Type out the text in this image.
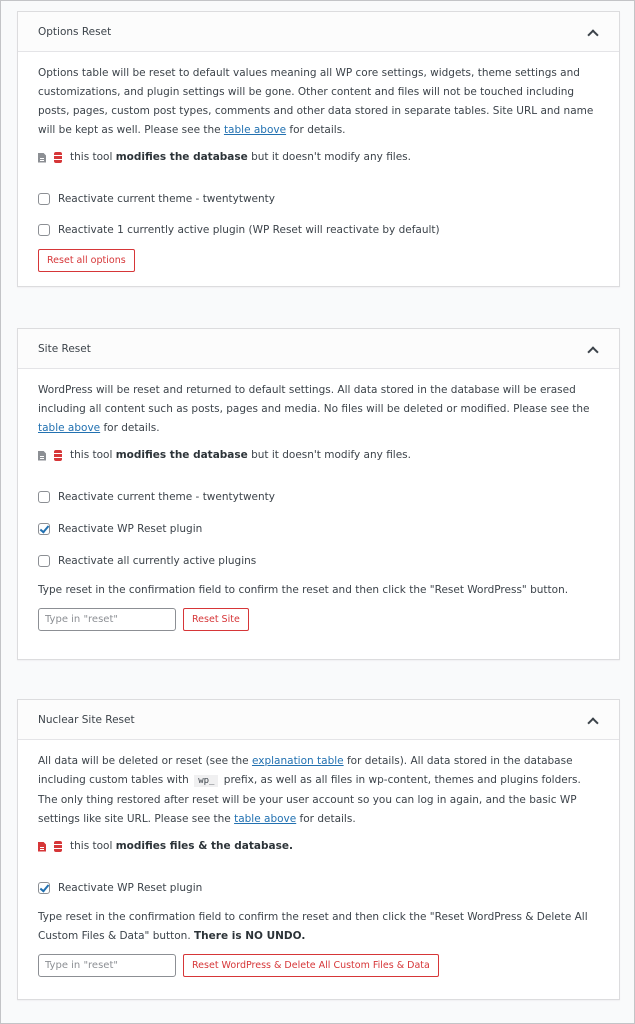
Options Reset

Options table will be reset to default values meaning all WP core settings, widgets, theme settings and customizations, and plugin settings will be gone. Other content and files will not be touched including posts, pages, custom post types, comments and other data stored in separate tables. Site URL and name will be kept as well. Please see the table above for details.

this tool modifies the database but it doesn't modify any files.
Reactivate current theme - twentytwenty
Reactivate 1 currently active plugin (WP Reset will reactivate by default)
Reset all options
Site Reset

WordPress will be reset and returned to default settings. All data stored in the database will be erased including all content such as posts, pages and media. No files will be deleted or modified. Please see the table above for details.

this tool modifies the database but it doesn't modify any files.
Reactivate current theme - twentytwenty
Reactivate WP Reset plugin
Reactivate all currently active plugins

Type reset in the confirmation field to confirm the reset and then click the "Reset WordPress" button.

Type in "reset"
Reset Site
Nuclear Site Reset

All data will be deleted or reset (see the explanation table for details). All data stored in the database including custom tables with wp_ prefix, as well as all files in wp-content, themes and plugins folders. The only thing restored after reset will be your user account so you can log in again, and the basic WP settings like site URL. Please see the table above for details.

this tool modifies files & the database.
Reactivate WP Reset plugin

Type reset in the confirmation field to confirm the reset and then click the "Reset WordPress & Delete All Custom Files & Data" button. There is NO UNDO.

Type in "reset"
Reset WordPress & Delete All Custom Files & Data
